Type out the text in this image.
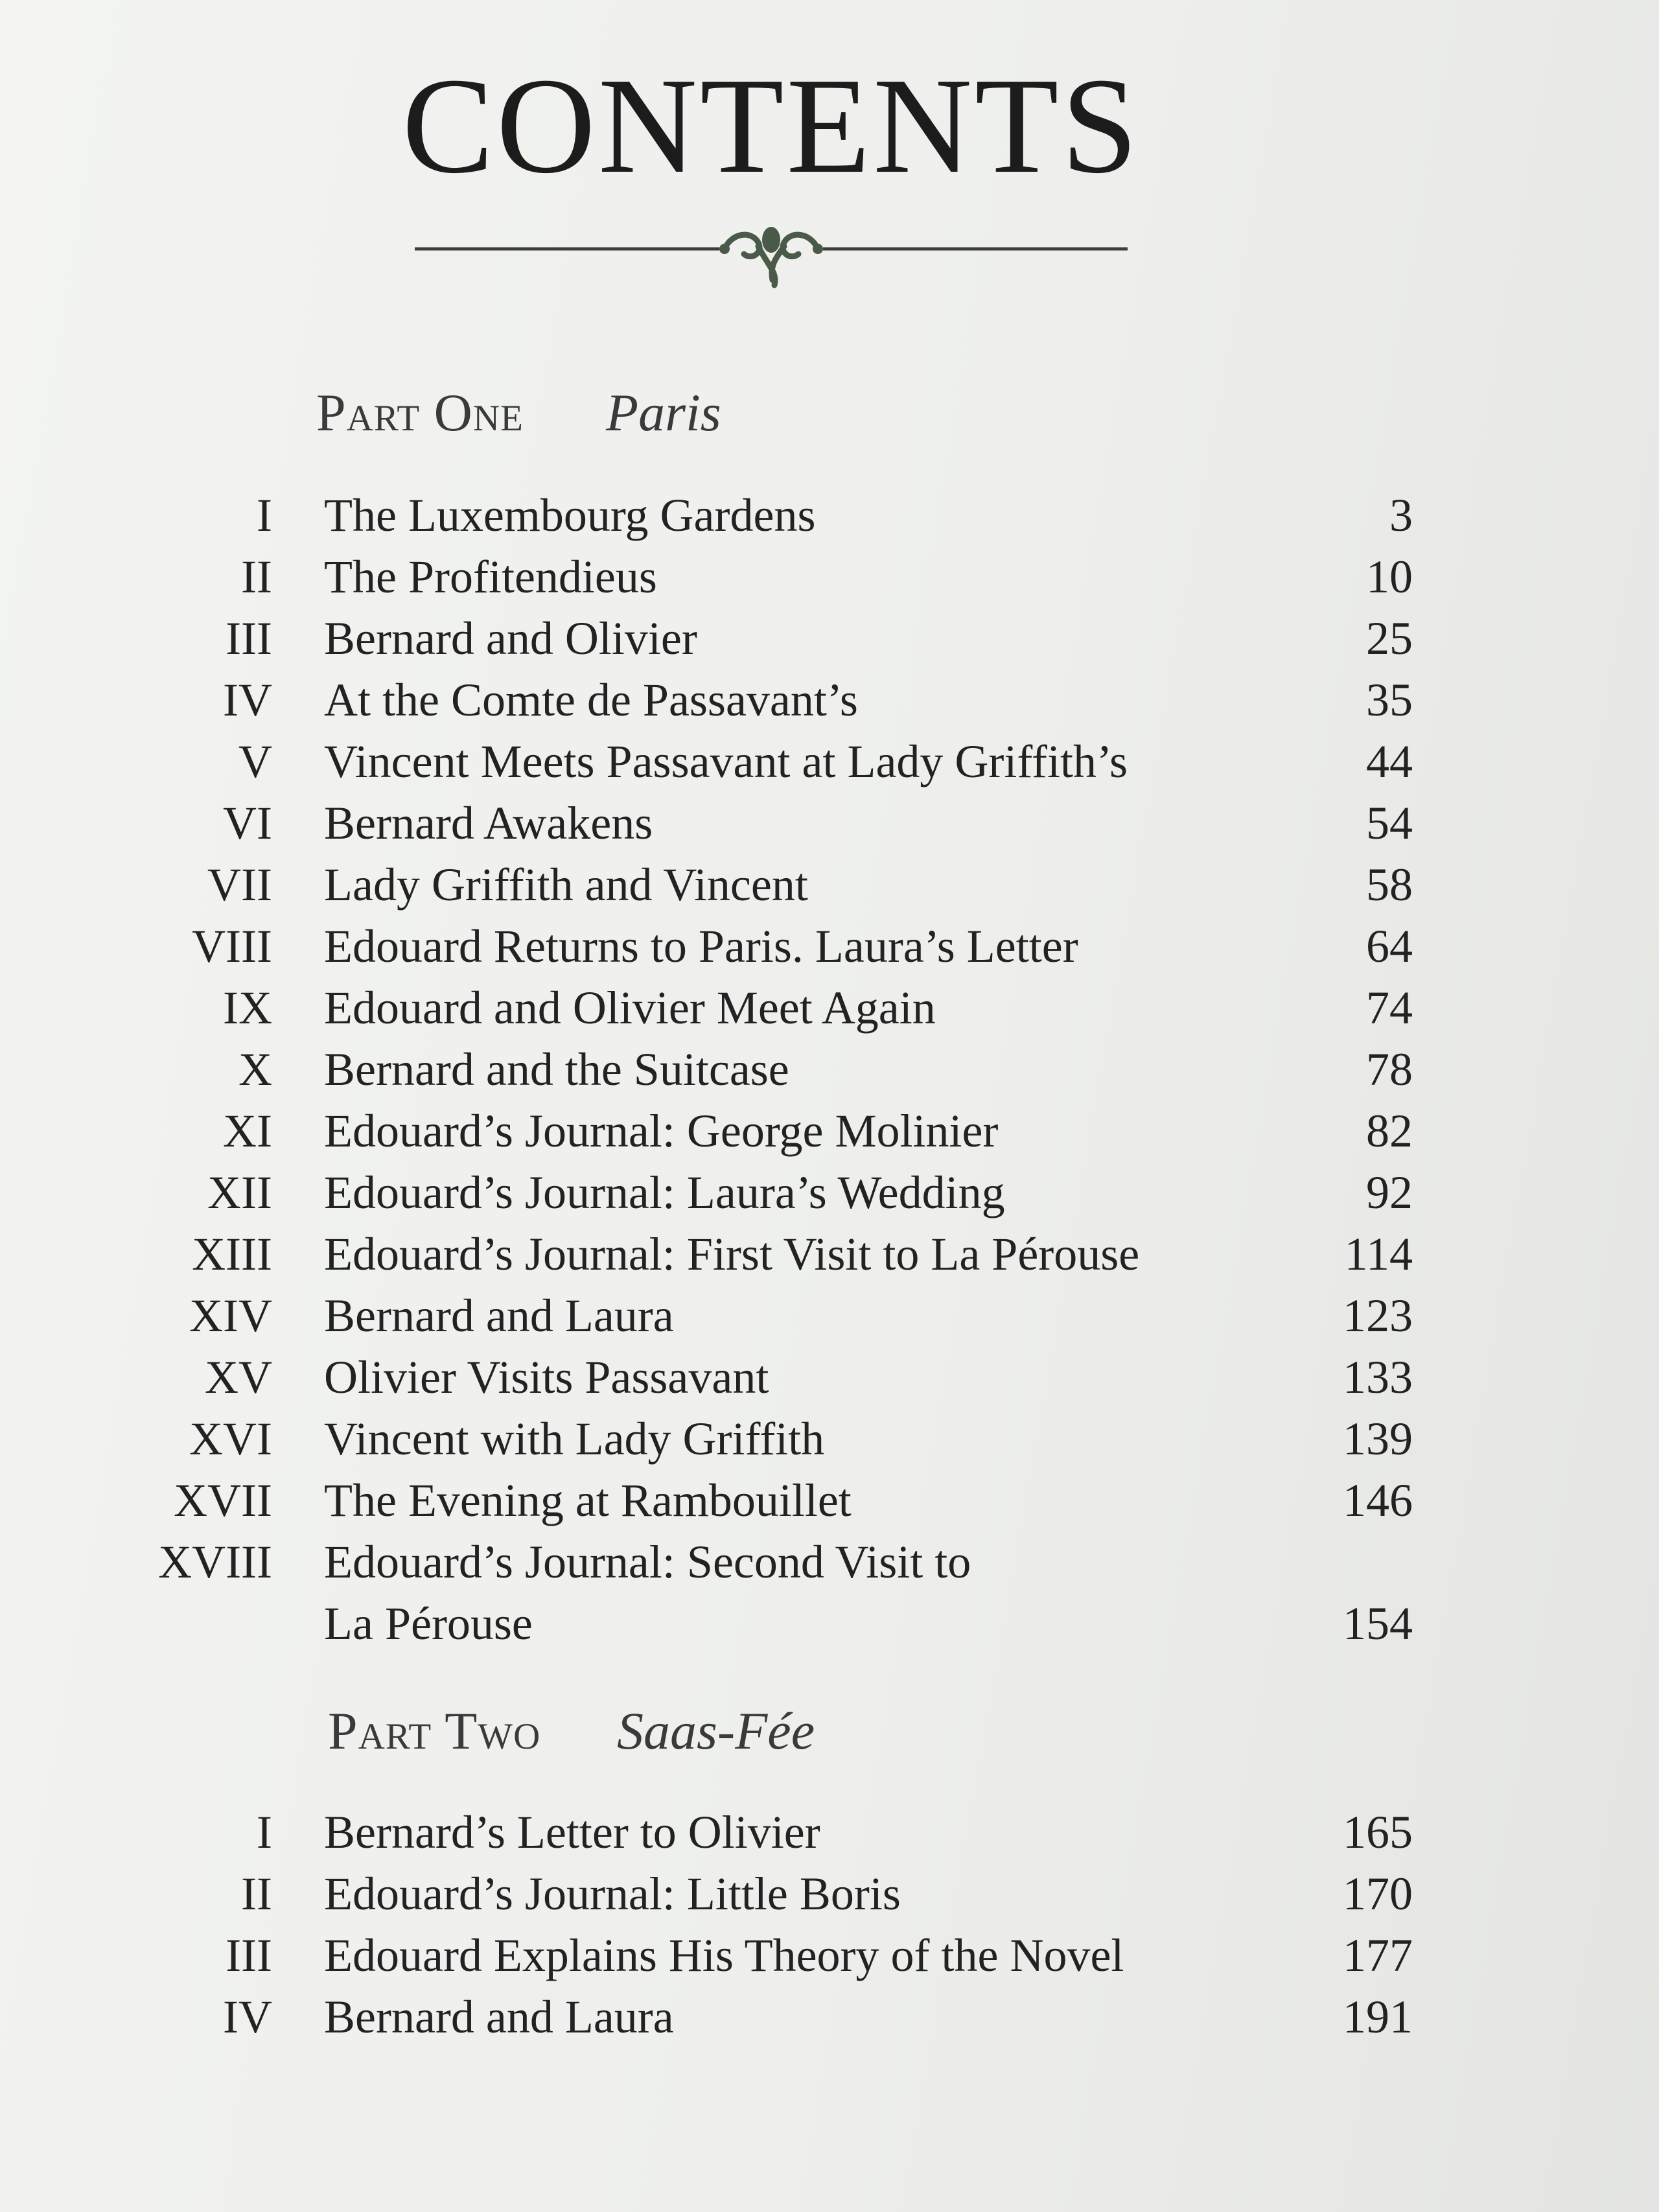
CONTENTS
Part One Paris
I The Luxembourg Gardens	3
II The Profitendieus	10
III Bernard and Olivier	25
IV At the Comte de Passavant’s	35
V Vincent Meets Passavant at Lady Griffith’s	44
VI Bernard Awakens	54
VII Lady Griffith and Vincent	58
VIII Edouard Returns to Paris. Laura’s Letter	64
IX Edouard and Olivier Meet Again	74
X Bernard and the Suitcase	78
XI Edouard’s Journal: George Molinier	82
XII Edouard’s Journal: Laura’s Wedding	92
XIII Edouard’s Journal: First Visit to La Pérouse	114
XIV Bernard and Laura	123
XV Olivier Visits Passavant	133
XVI Vincent with Lady Griffith	139
XVII The Evening at Rambouillet	146
XVIII Edouard’s Journal: Second Visit to
La Pérouse	154
Part Two Saas-Fée
I Bernard’s Letter to Olivier	165
II Edouard’s Journal: Little Boris	170
III Edouard Explains His Theory of the Novel	177
IV Bernard and Laura	191
